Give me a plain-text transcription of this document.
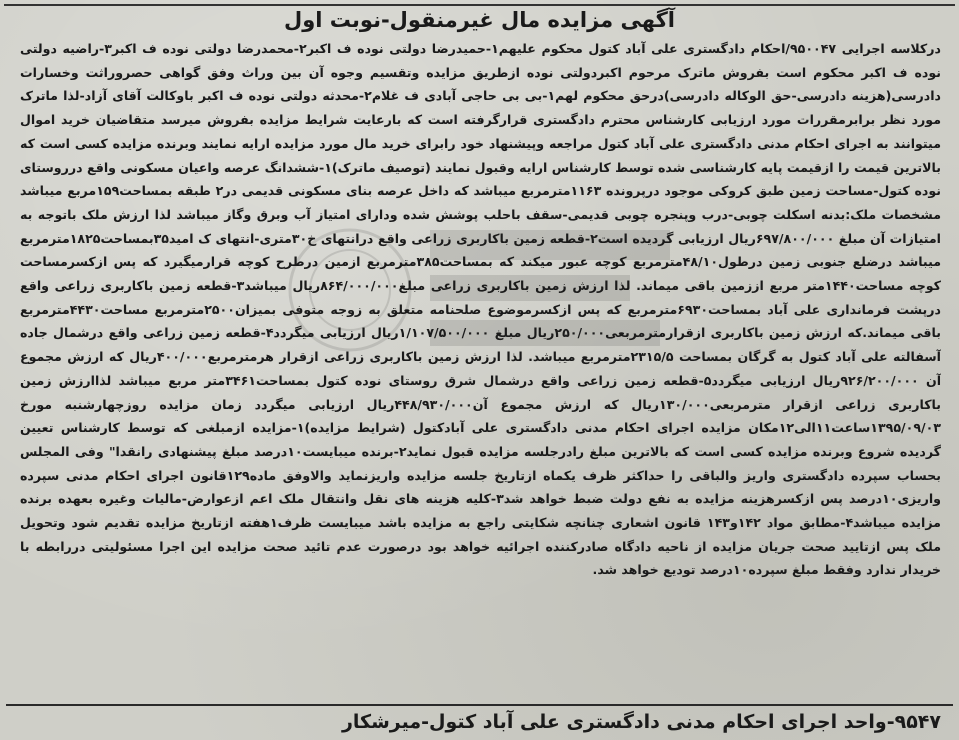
آگهی مزایده مال غیرمنقول-نوبت اول

درکلاسه اجرایی ۹۵۰۰۴۷/احکام دادگستری علی آباد کتول محکوم علیهم۱-حمیدرضا دولتی نوده ف اکبر۲-محمدرضا دولتی نوده ف اکبر۳-راضیه دولتی نوده ف اکبر محکوم است بفروش ماترک مرحوم اکبردولتی نوده ازطریق مزایده وتقسیم وجوه آن بین وراث وفق گواهی حصروراثت وخسارات دادرسی(هزینه دادرسی-حق الوکاله دادرسی)درحق محکوم لهم۱-بی بی حاجی آبادی ف غلام۲-محدثه دولتی نوده ف اکبر باوکالت آقای آزاد-لذا ماترک مورد نظر برابرمقررات مورد ارزیابی کارشناس محترم دادگستری قرارگرفته است که بارعایت شرایط مزایده بفروش میرسد متقاضیان خرید اموال میتوانند به اجرای احکام مدنی دادگستری علی آباد کتول مراجعه وپیشنهاد خود رابرای خرید مال مورد مزایده ارایه نمایند وبرنده مزایده کسی است که بالاترین قیمت را ازقیمت پایه کارشناسی شده توسط کارشناس ارایه وقبول نمایند (توصیف ماترک)۱-ششدانگ عرصه واعیان مسکونی واقع درروستای نوده کتول-مساحت زمین طبق کروکی موجود درپرونده ۱۱۶۳مترمربع میباشد که داخل عرصه بنای مسکونی قدیمی در۲ طبقه بمساحت۱۵۹مربع میباشد مشخصات ملک:بدنه اسکلت چوبی-درب وپنجره چوبی قدیمی-سقف باحلب پوشش شده ودارای امتیاز آب وبرق وگاز میباشد لذا ارزش ملک باتوجه به امتیازات آن مبلغ ۶۹۷/۸۰۰/۰۰۰ریال ارزیابی گردیده است۲-قطعه زمین باکاربری زراعی واقع درانتهای خ۳۰متری-انتهای ک امید۳۵بمساحت۱۸۲۵مترمربع میباشد درضلع جنوبی زمین درطول۴۸/۱۰مترمربع کوچه عبور میکند که بمساحت۳۸۵مترمربع ازمین درطرح کوچه قرارمیگیرد که پس ازکسرمساحت کوچه مساحت۱۴۴۰متر مربع اززمین باقی میماند. لذا ارزش زمین باکاربری زراعی مبلغ۸۶۴/۰۰۰/۰۰۰ریال میباشد۳-قطعه زمین باکاربری زراعی واقع درپشت فرمانداری علی آباد بمساحت۶۹۳۰مترمربع که پس ازکسرموضوع صلحنامه متعلق به زوجه متوفی بمیزان۲۵۰۰مترمربع مساحت۴۴۳۰مترمربع باقی میماند.که ارزش زمین باکاربری ازقرارمترمربعی۲۵۰/۰۰۰ریال مبلغ ۱/۱۰۷/۵۰۰/۰۰۰ریال ارزیابی میگردد۴-قطعه زمین زراعی واقع درشمال جاده آسفالته علی آباد کتول به گرگان بمساحت ۲۳۱۵/۵مترمربع میباشد. لذا ارزش زمین باکاربری زراعی ازقرار هرمترمربع۴۰۰/۰۰۰ریال که ارزش مجموع آن ۹۲۶/۲۰۰/۰۰۰ریال ارزیابی میگردد۵-قطعه زمین زراعی واقع درشمال شرق روستای نوده کتول بمساحت۳۴۶۱متر مربع میباشد لذاارزش زمین باکاربری زراعی ازقرار مترمربعی۱۳۰/۰۰۰ریال که ارزش مجموع آن۴۴۸/۹۳۰/۰۰۰ریال ارزیابی میگردد زمان مزایده روزچهارشنبه مورخ ۱۳۹۵/۰۹/۰۳ساعت۱۱الی۱۲مکان مزایده اجرای احکام مدنی دادگستری علی آبادکتول (شرایط مزایده)۱-مزایده ازمبلغی که توسط کارشناس تعیین گردیده شروع وبرنده مزایده کسی است که بالاترین مبلغ رادرجلسه مزایده قبول نماید۲-برنده میبایست۱۰درصد مبلغ پیشنهادی رانقدا" وفی المجلس بحساب سپرده دادگستری واریز والباقی را حداکثر ظرف یکماه ازتاریخ جلسه مزایده واریزنماید والاوفق ماده۱۲۹قانون اجرای احکام مدنی سپرده واریزی۱۰درصد پس ازکسرهزینه مزایده به نفع دولت ضبط خواهد شد۳-کلیه هزینه های نقل وانتقال ملک اعم ازعوارض-مالیات وغیره بعهده برنده مزایده میباشد۴-مطابق مواد ۱۴۲و۱۴۳ قانون اشعاری چنانچه شکایتی راجع به مزایده باشد میبایست ظرف۱هفته ازتاریخ مزایده تقدیم شود وتحویل ملک پس ازتایید صحت جریان مزایده از ناحیه دادگاه صادرکننده اجرائیه خواهد بود درصورت عدم تائید صحت مزایده این اجرا مسئولیتی دررابطه با خریدار ندارد وفقط مبلغ سپرده۱۰درصد تودیع خواهد شد.

۹۵۴۷-واحد اجرای احکام مدنی دادگستری علی آباد کتول-میرشکار
